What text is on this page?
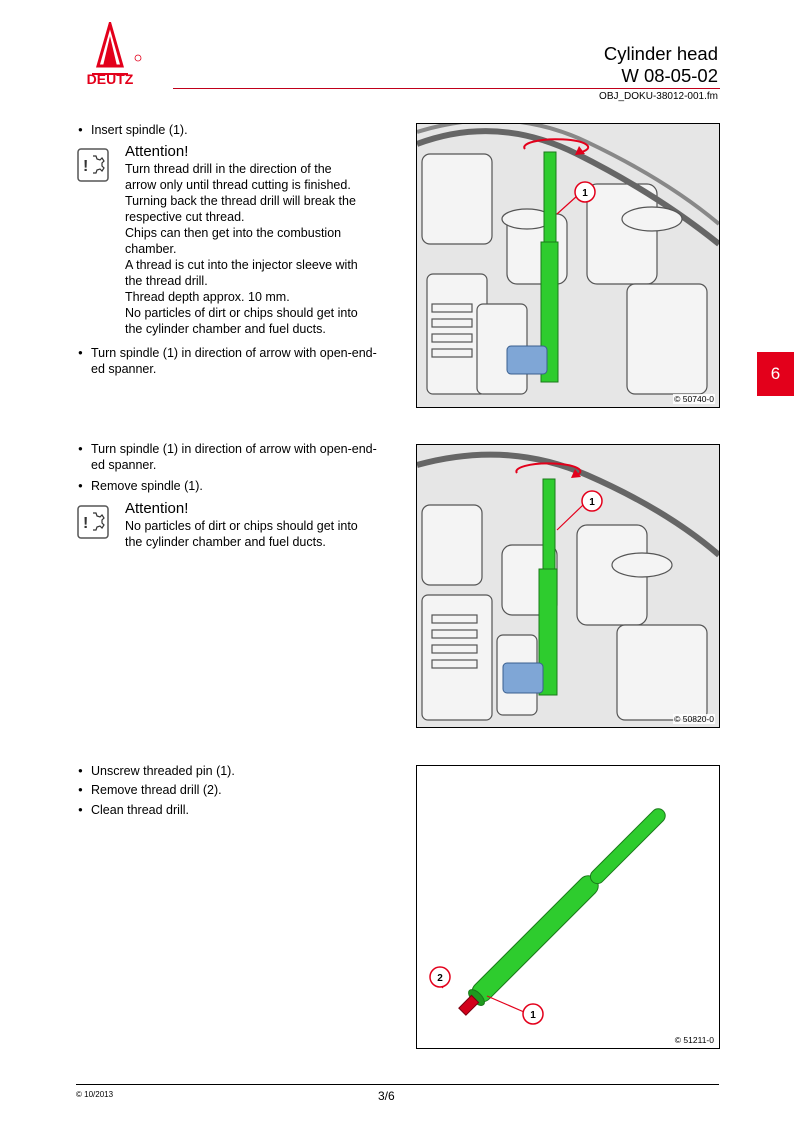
DEUTZ
Cylinder head
W 08-05-02
OBJ_DOKU-38012-001.fm
6
● Insert spindle (1).
!
Attention!
Turn thread drill in the direction of the
arrow only until thread cutting is finished.
Turning back the thread drill will break the
respective cut thread.
Chips can then get into the combustion
chamber.
A thread is cut into the injector sleeve with
the thread drill.
Thread depth approx. 10 mm.
No particles of dirt or chips should get into
the cylinder chamber and fuel ducts.
● Turn spindle (1) in direction of arrow with open-end-
ed spanner.
1
© 50740-0
● Turn spindle (1) in direction of arrow with open-end-
ed spanner.
● Remove spindle (1).
!
Attention!
No particles of dirt or chips should get into
the cylinder chamber and fuel ducts.
1
© 50820-0
● Unscrew threaded pin (1).
● Remove thread drill (2).
● Clean thread drill.
1
2
© 51211-0
© 10/2013	3/6
